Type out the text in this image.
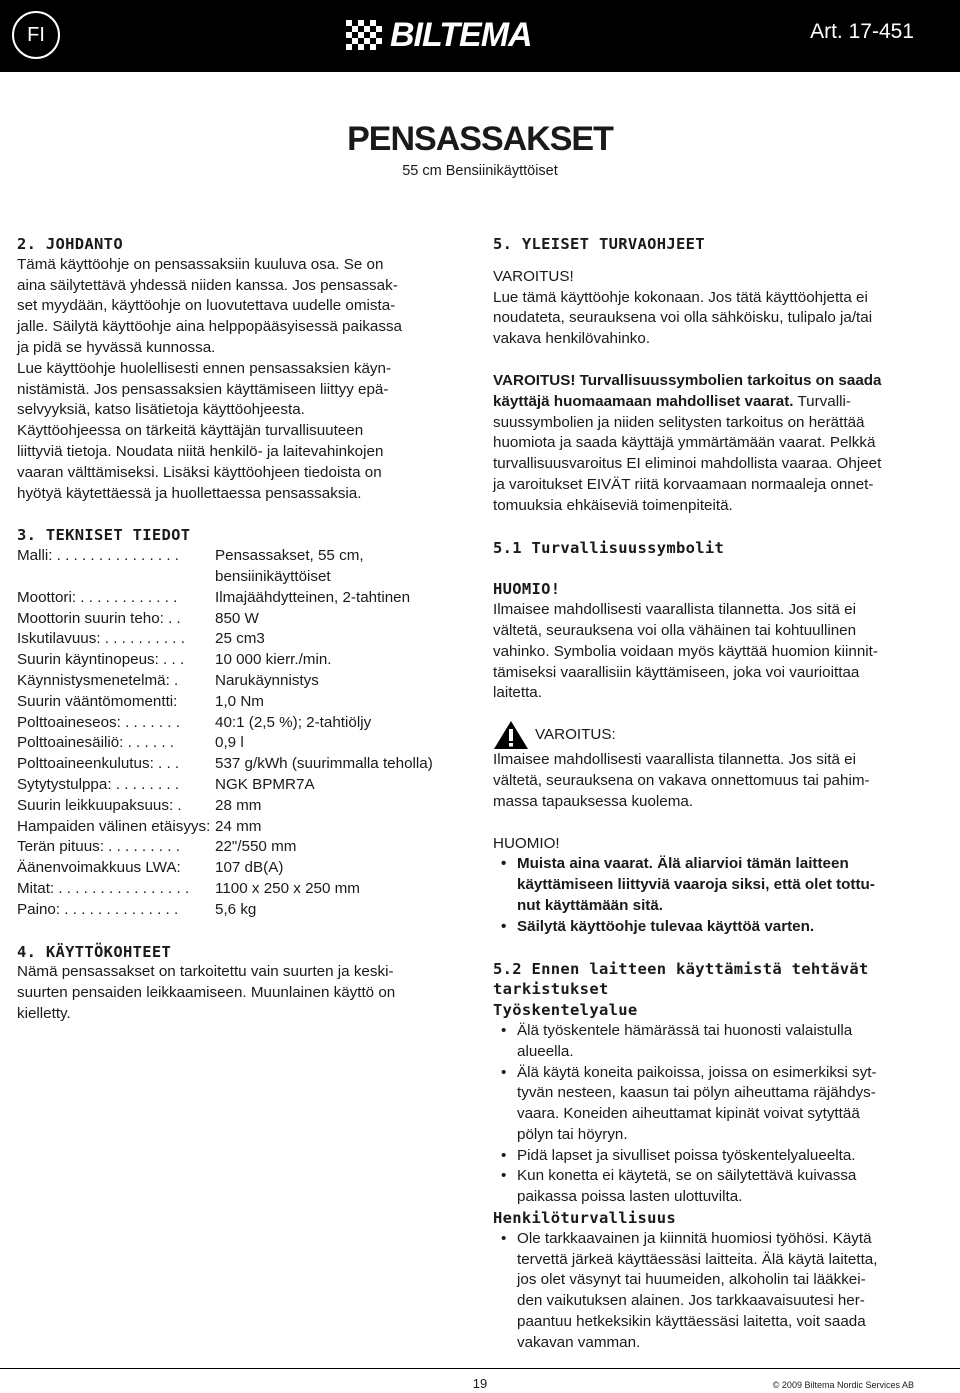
FI	BILTEMA	Art. 17-451
PENSASSAKSET
55 cm Bensiinikäyttöiset
2. JOHDANTO
Tämä käyttöohje on pensassaksiin kuuluva osa. Se on
aina säilytettävä yhdessä niiden kanssa. Jos pensassak-
set myydään, käyttöohje on luovutettava uudelle omista-
jalle. Säilytä käyttöohje aina helppopääsyisessä paikassa
ja pidä se hyvässä kunnossa.
Lue käyttöohje huolellisesti ennen pensassaksien käyn-
nistämistä. Jos pensassaksien käyttämiseen liittyy epä-
selvyyksiä, katso lisätietoja käyttöohjeesta.
Käyttöohjeessa on tärkeitä käyttäjän turvallisuuteen
liittyviä tietoja. Noudata niitä henkilö- ja laitevahinkojen
vaaran välttämiseksi. Lisäksi käyttöohjeen tiedoista on
hyötyä käytettäessä ja huollettaessa pensassaksia.
3. TEKNISET TIEDOT
Malli: . . . . . . . . . . . . . . .	Pensassakset, 55 cm,
bensiinikäyttöiset
Moottori: . . . . . . . . . . . .	Ilmajäähdytteinen, 2-tahtinen
Moottorin suurin teho: . .	850 W
Iskutilavuus: . . . . . . . . . .	25 cm3
Suurin käyntinopeus: . . .	10 000 kierr./min.
Käynnistysmenetelmä: .	Narukäynnistys
Suurin vääntömomentti:	1,0 Nm
Polttoaineseos: . . . . . . .	40:1 (2,5 %); 2-tahtiöljy
Polttoainesäiliö: . . . . . .	0,9 l
Polttoaineenkulutus: . . .	537 g/kWh (suurimmalla teholla)
Sytytystulppa: . . . . . . . .	NGK BPMR7A
Suurin leikkuupaksuus: .	28 mm
Hampaiden välinen etäisyys: 24 mm
Terän pituus: . . . . . . . . .	22"/550 mm
Äänenvoimakkuus LWA:	107 dB(A)
Mitat: . . . . . . . . . . . . . . . .	1100 x 250 x 250 mm
Paino: . . . . . . . . . . . . . .	5,6 kg
4. KÄYTTÖKOHTEET
Nämä pensassakset on tarkoitettu vain suurten ja keski-
suurten pensaiden leikkaamiseen. Muunlainen käyttö on
kielletty.
5. YLEISET TURVAOHJEET
VAROITUS!
Lue tämä käyttöohje kokonaan. Jos tätä käyttöohjetta ei
noudateta, seurauksena voi olla sähköisku, tulipalo ja/tai
vakava henkilövahinko.
VAROITUS! Turvallisuussymbolien tarkoitus on saada
käyttäjä huomaamaan mahdolliset vaarat. Turvalli-
suussymbolien ja niiden selitysten tarkoitus on herättää
huomiota ja saada käyttäjä ymmärtämään vaarat. Pelkkä
turvallisuusvaroitus EI eliminoi mahdollista vaaraa. Ohjeet
ja varoitukset EIVÄT riitä korvaamaan normaaleja onnet-
tomuuksia ehkäiseviä toimenpiteitä.
5.1 Turvallisuussymbolit
HUOMIO!
Ilmaisee mahdollisesti vaarallista tilannetta. Jos sitä ei
vältetä, seurauksena voi olla vähäinen tai kohtuullinen
vahinko. Symbolia voidaan myös käyttää huomion kiinnit-
tämiseksi vaarallisiin käyttämiseen, joka voi vaurioittaa
laitetta.
VAROITUS:
Ilmaisee mahdollisesti vaarallista tilannetta. Jos sitä ei
vältetä, seurauksena on vakava onnettomuus tai pahim-
massa tapauksessa kuolema.
HUOMIO!
• Muista aina vaarat. Älä aliarvioi tämän laitteen
käyttämiseen liittyviä vaaroja siksi, että olet tottu-
nut käyttämään sitä.
• Säilytä käyttöohje tulevaa käyttöä varten.
5.2 Ennen laitteen käyttämistä tehtävät
tarkistukset
Työskentelyalue
• Älä työskentele hämärässä tai huonosti valaistulla
alueella.
• Älä käytä koneita paikoissa, joissa on esimerkiksi syt-
tyvän nesteen, kaasun tai pölyn aiheuttama räjähdys-
vaara. Koneiden aiheuttamat kipinät voivat sytyttää
pölyn tai höyryn.
• Pidä lapset ja sivulliset poissa työskentelyalueelta.
• Kun konetta ei käytetä, se on säilytettävä kuivassa
paikassa poissa lasten ulottuvilta.
Henkilöturvallisuus
• Ole tarkkaavainen ja kiinnitä huomiosi työhösi. Käytä
tervettä järkeä käyttäessäsi laitteita. Älä käytä laitetta,
jos olet väsynyt tai huumeiden, alkoholin tai lääkkei-
den vaikutuksen alainen. Jos tarkkaavaisuutesi her-
paantuu hetkeksikin käyttäessäsi laitetta, voit saada
vakavan vamman.
19	© 2009 Biltema Nordic Services AB
